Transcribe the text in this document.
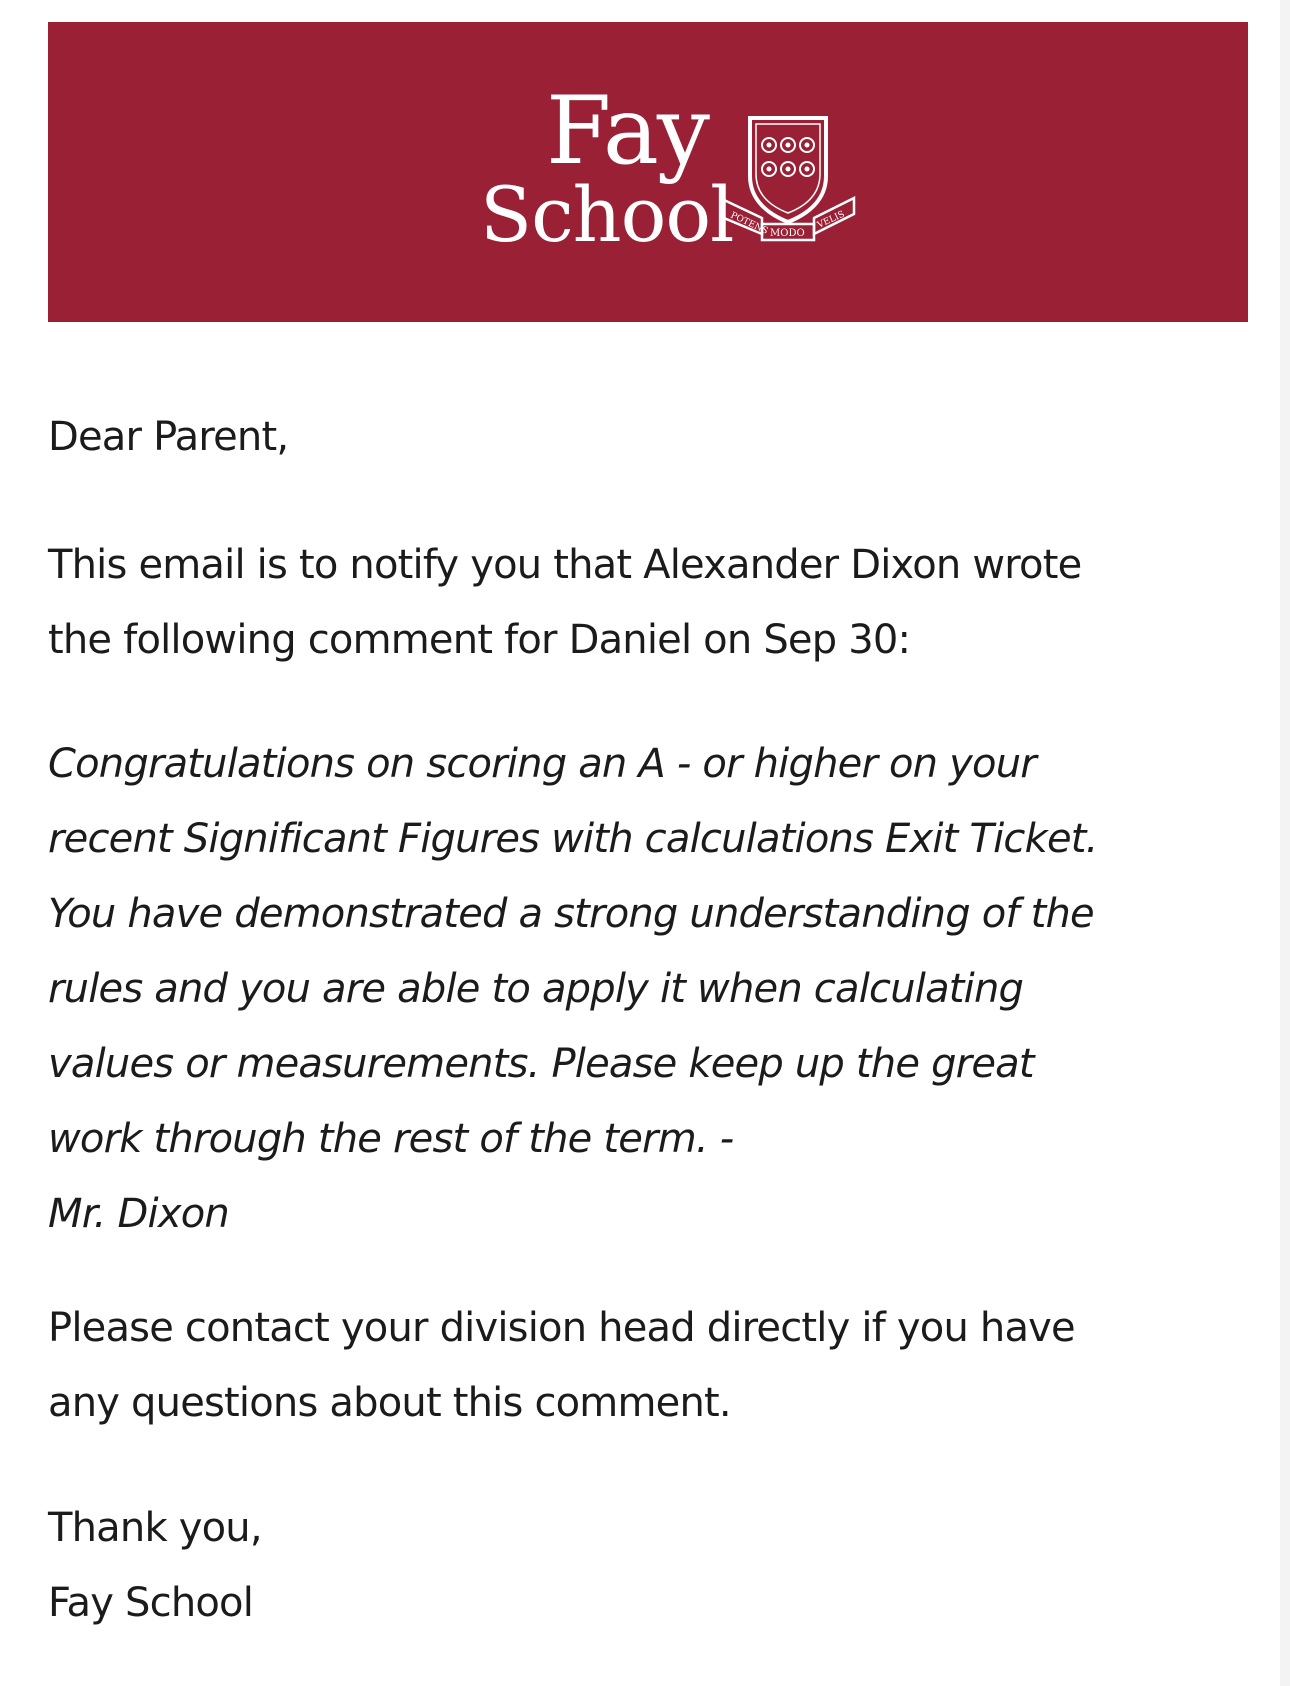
Fay
School
POTENS MODO
VELIS

Dear Parent,

This email is to notify you that Alexander Dixon wrote
the following comment for Daniel on Sep 30:

Congratulations on scoring an A - or higher on your
recent Significant Figures with calculations Exit Ticket.
You have demonstrated a strong understanding of the
rules and you are able to apply it when calculating
values or measurements. Please keep up the great
work through the rest of the term. -
Mr. Dixon

Please contact your division head directly if you have
any questions about this comment.

Thank you,
Fay School
